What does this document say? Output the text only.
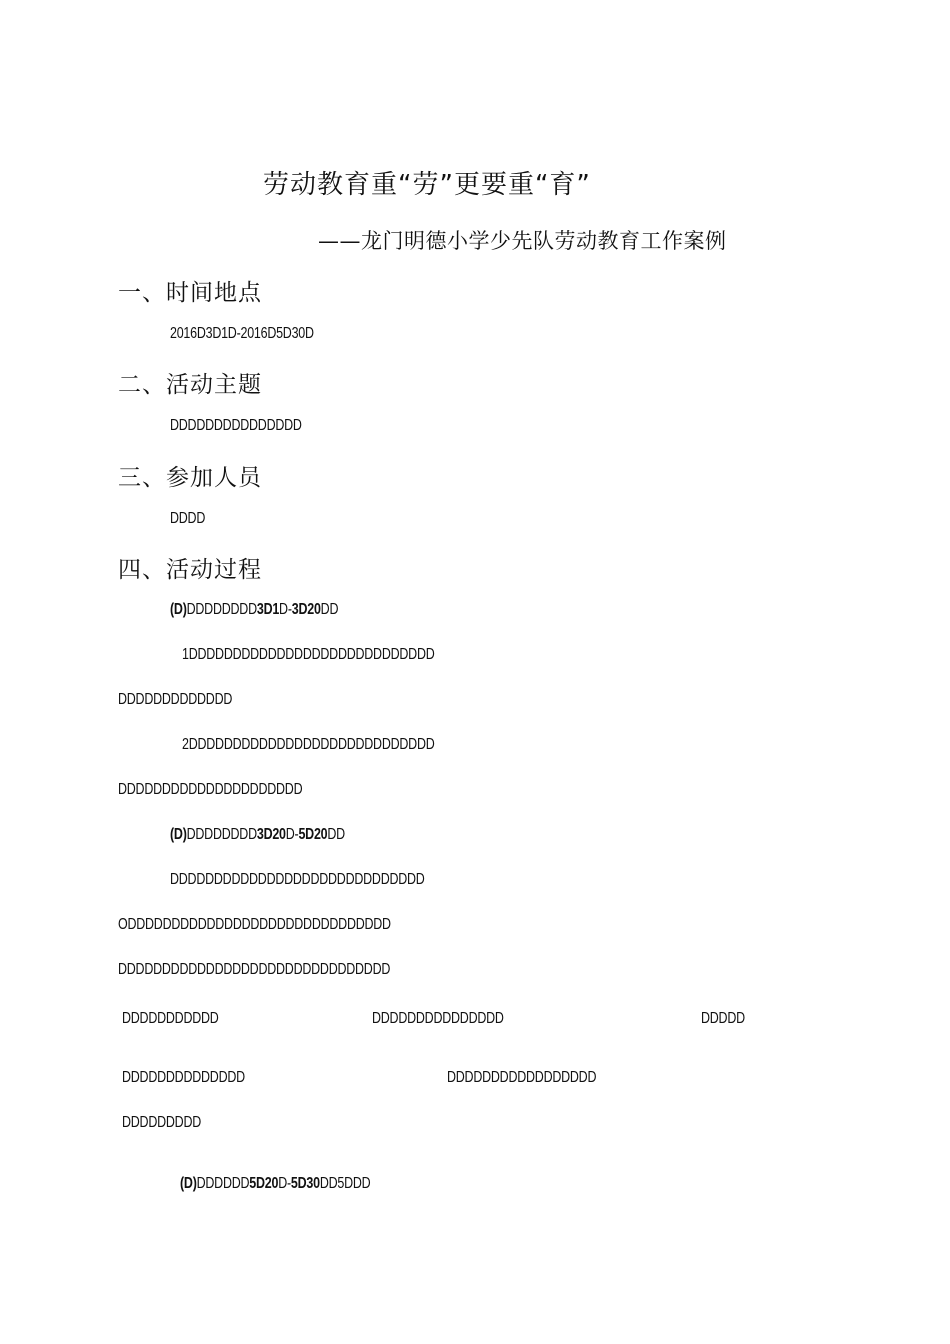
劳动教育重“劳”更要重“育”
——龙门明德小学少先队劳动教育工作案例
一、时间地点
2016D3D1D-2016D5D30D
二、活动主题
DDDDDDDDDDDDDDD
三、参加人员
DDDD
四、活动过程
(D)DDDDDDDD3D1D-3D20DD
1DDDDDDDDDDDDDDDDDDDDDDDDDDDD
DDDDDDDDDDDDD
2DDDDDDDDDDDDDDDDDDDDDDDDDDDD
DDDDDDDDDDDDDDDDDDDDD
(D)DDDDDDDD3D20D-5D20DD
DDDDDDDDDDDDDDDDDDDDDDDDDDDDD
ODDDDDDDDDDDDDDDDDDDDDDDDDDDDDD
DDDDDDDDDDDDDDDDDDDDDDDDDDDDDDD
DDDDDDDDDDD	DDDDDDDDDDDDDDD	DDDDD
DDDDDDDDDDDDDD	DDDDDDDDDDDDDDDDD
DDDDDDDDD
(D)DDDDDD5D20D-5D30DD5DDD
